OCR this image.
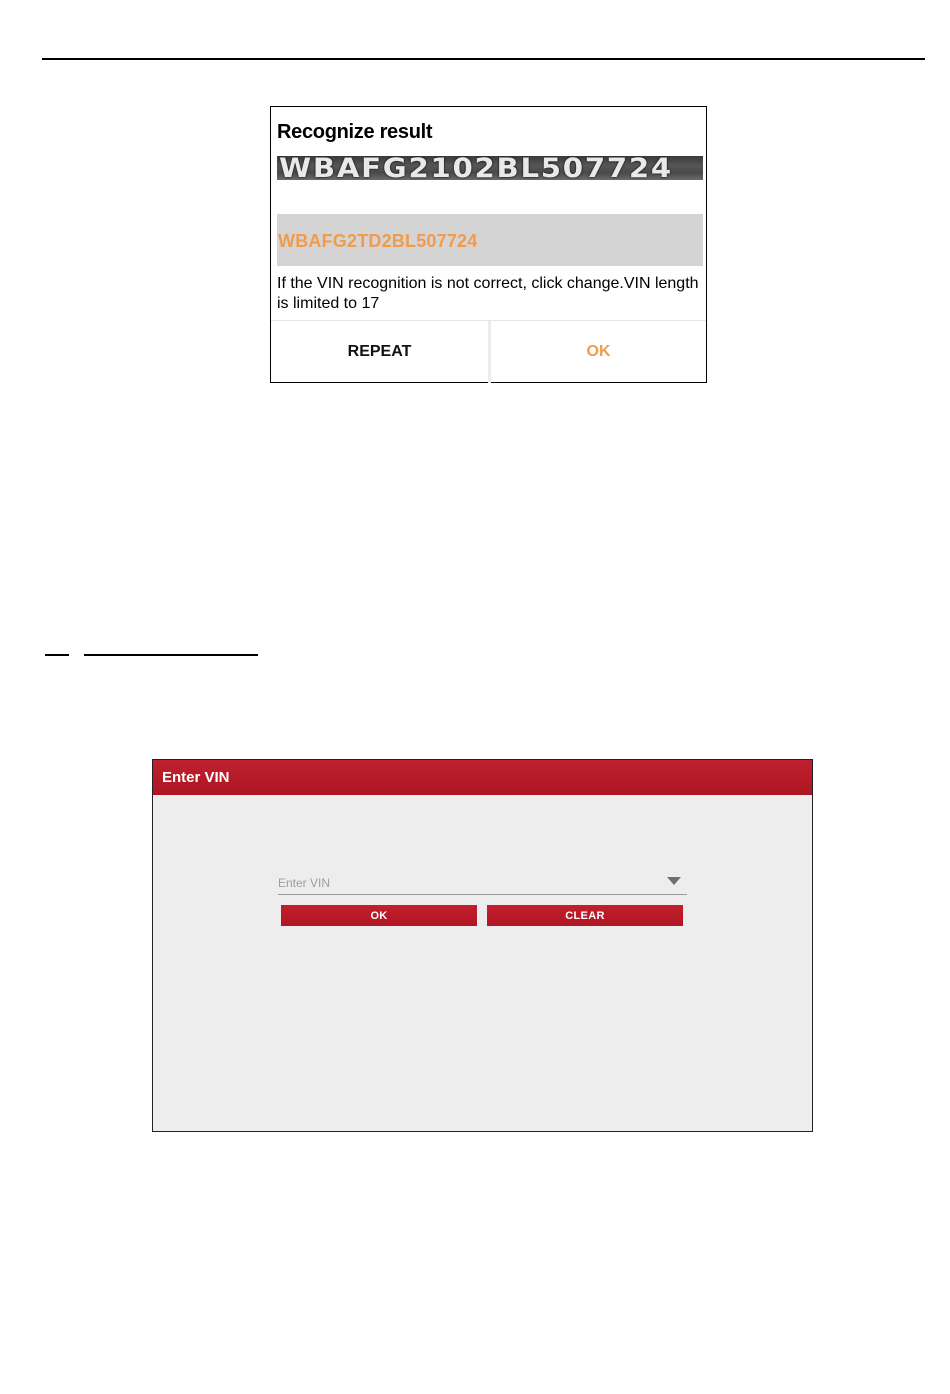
Recognize result
WBAFG2102BL507724
WBAFG2TD2BL507724
If the VIN recognition is not correct, click change.VIN length is limited to 17
REPEAT	OK
Enter VIN
Enter VIN
OK	CLEAR
